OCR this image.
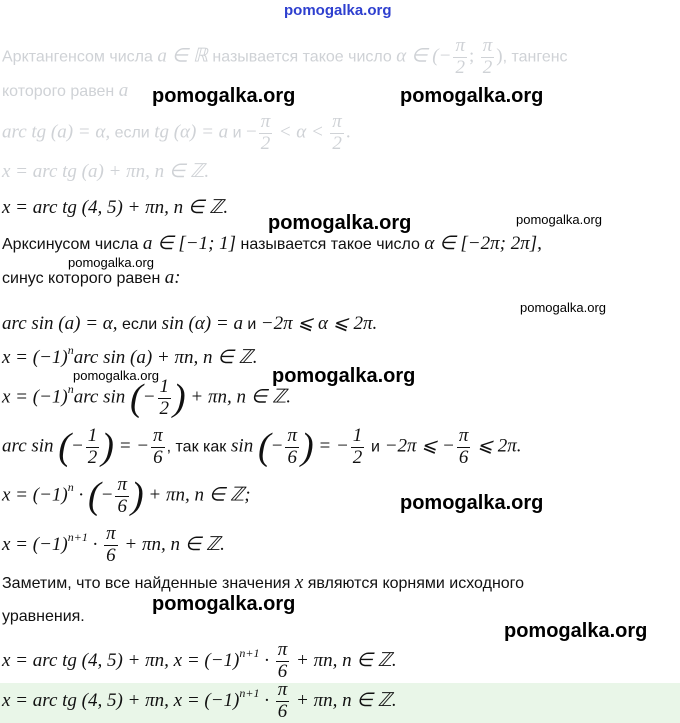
pomogalka.org
pomogalka.org	pomogalka.org
pomogalka.org	pomogalka.org
pomogalka.org
pomogalka.org
pomogalka.org	pomogalka.org
pomogalka.org
pomogalka.org
pomogalka.org
Арктангенсом числа a ∈ ℝ называется такое число α ∈ (− $\frac{\pi}{2}$ ; $\frac{\pi}{2}$ ), тангенс
которого равен a
arc tg (a) = α, если tg (α) = a $и - \frac{\pi}{2} < \alpha < \frac{\pi}{2}$ .
x = arc tg (a) + πn, n ∈ ℤ.
x = arc tg (4, 5) + πn, n ∈ ℤ.
Арксинусом числа a ∈ [−1; 1] называется такое число α ∈ [−2π; 2π],
синус которого равен a:
arc sin (a) = α, если sin (α) = a и −2π ⩽ α ⩽ 2π.
$x = (-1)^narc$ sin (a) + πn, n ∈ ℤ.
$x = (-1)^narc$ sin (− $\frac{1}{2}$ ) + πn, n ∈ ℤ.
arc sin (− $\frac{1}{2}$ ) = − $\frac{\pi}{6}$ , так как sin (− $\frac{\pi}{6}$ ) = − $\frac{1}{2}$ и −2π ⩽ − $\frac{\pi}{6}$ ⩽ 2π.
$x = (-1)^n$ · (− $\frac{\pi}{6}$ ) + πn, n ∈ ℤ;
$x = (-1)^{n+1} \cdot \frac{\pi}{6} + \pi n$, n ∈ ℤ.
Заметим, что все найденные значения x являются корнями исходного
уравнения.
x = arc tg (4, 5) + πn, $x = (-1)^{n+1} \cdot \frac{\pi}{6} + \pi n$, n ∈ ℤ.
x = arc tg (4, 5) + πn, $x = (-1)^{n+1} \cdot \frac{\pi}{6} + \pi n$, n ∈ ℤ.
